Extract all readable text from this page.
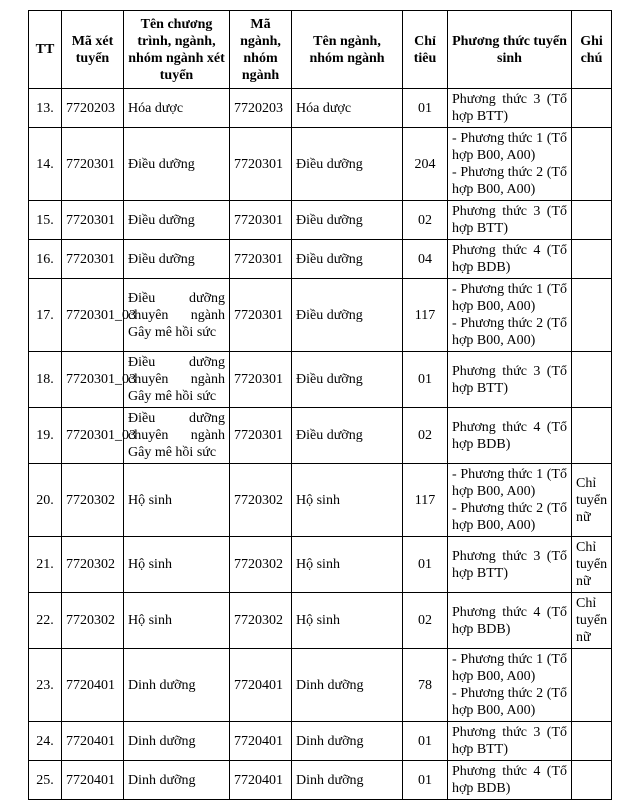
TT	Mã xét tuyển	Tên chương trình, ngành, nhóm ngành xét tuyển	Mã ngành, nhóm ngành	Tên ngành, nhóm ngành	Chỉ tiêu	Phương thức tuyển sinh	Ghi chú
13.	7720203	Hóa dược	7720203	Hóa dược	01	Phương thức 3 (Tổ hợp BTT)	

14.	7720301	Điều dưỡng	7720301	Điều dưỡng	204	- Phương thức 1 (Tổ hợp B00, A00)
- Phương thức 2 (Tổ hợp B00, A00)	

15.	7720301	Điều dưỡng	7720301	Điều dưỡng	02	Phương thức 3 (Tổ hợp BTT)	

16.	7720301	Điều dưỡng	7720301	Điều dưỡng	04	Phương thức 4 (Tổ hợp BDB)	

17.	7720301_03	Điều dưỡng chuyên ngành Gây mê hồi sức	7720301	Điều dưỡng	117	- Phương thức 1 (Tổ hợp B00, A00)
- Phương thức 2 (Tổ hợp B00, A00)	

18.	7720301_03	Điều dưỡng chuyên ngành Gây mê hồi sức	7720301	Điều dưỡng	01	Phương thức 3 (Tổ hợp BTT)	

19.	7720301_03	Điều dưỡng chuyên ngành Gây mê hồi sức	7720301	Điều dưỡng	02	Phương thức 4 (Tổ hợp BDB)	

20.	7720302	Hộ sinh	7720302	Hộ sinh	117	- Phương thức 1 (Tổ hợp B00, A00)
- Phương thức 2 (Tổ hợp B00, A00)	Chỉ tuyển nữ

21.	7720302	Hộ sinh	7720302	Hộ sinh	01	Phương thức 3 (Tổ hợp BTT)	Chỉ tuyển nữ

22.	7720302	Hộ sinh	7720302	Hộ sinh	02	Phương thức 4 (Tổ hợp BDB)	Chỉ tuyển nữ

23.	7720401	Dinh dưỡng	7720401	Dinh dưỡng	78	- Phương thức 1 (Tổ hợp B00, A00)
- Phương thức 2 (Tổ hợp B00, A00)	

24.	7720401	Dinh dưỡng	7720401	Dinh dưỡng	01	Phương thức 3 (Tổ hợp BTT)	

25.	7720401	Dinh dưỡng	7720401	Dinh dưỡng	01	Phương thức 4 (Tổ hợp BDB)	
